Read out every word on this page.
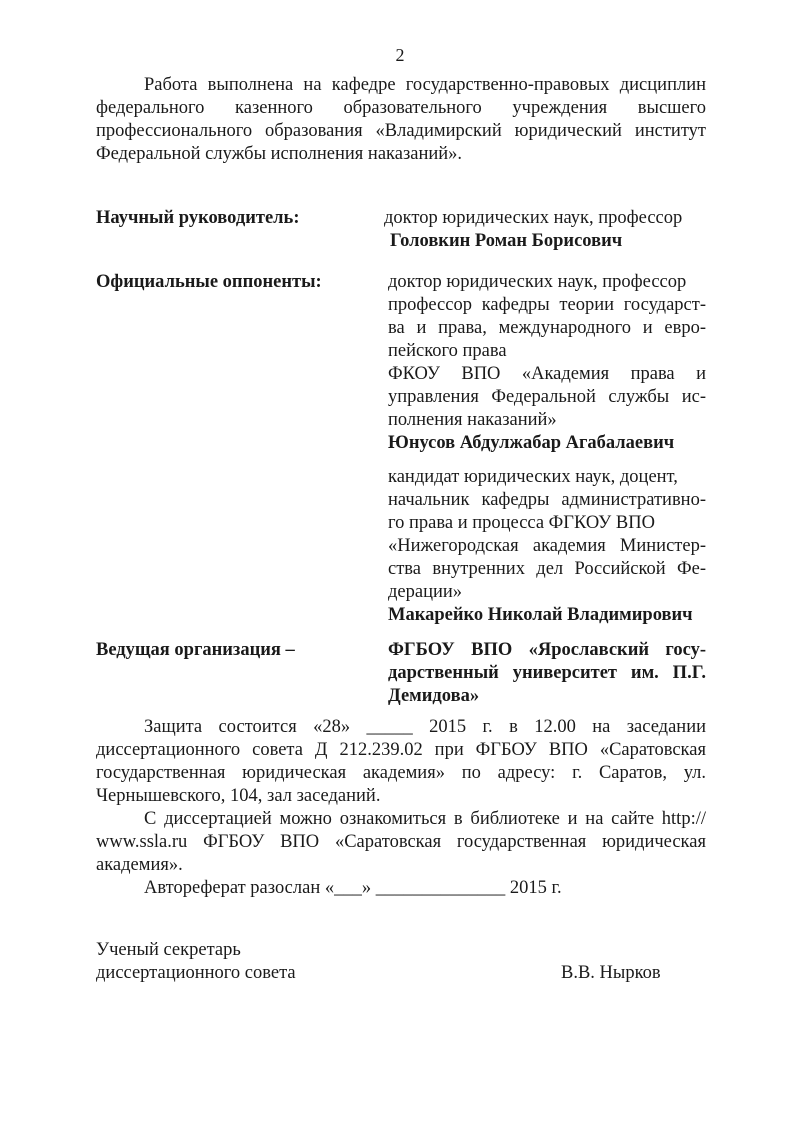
2

Работа выполнена на кафедре государственно-правовых дисциплин федерального казенного образовательного учреждения высшего профессионального образования «Владимирский юридический институт Федеральной службы исполнения наказаний».

Научный руководитель:	доктор юридических наук, профессор
Головкин Роман Борисович
Официальные оппоненты:	доктор юридических наук, профессор
профессор кафедры теории государст-
ва и права, международного и евро-
пейского права
ФКОУ ВПО «Академия права и
управления Федеральной службы ис-
полнения наказаний»
Юнусов Абдулжабар Агабалаевич
кандидат юридических наук, доцент,
начальник кафедры административно-
го права и процесса ФГКОУ ВПО
«Нижегородская академия Министер-
ства внутренних дел Российской Фе-
дерации»
Макарейко Николай Владимирович
Ведущая организация –	ФГБОУ ВПО «Ярославский госу-
дарственный университет им. П.Г.
Демидова»

Защита состоится «28» _____ 2015 г. в 12.00 на заседании диссертационного совета Д 212.239.02 при ФГБОУ ВПО «Саратовская государственная юридическая академия» по адресу: г. Саратов, ул. Чернышевского, 104, зал заседаний.

С диссертацией можно ознакомиться в библиотеке и на сайте http:// www.ssla.ru ФГБОУ ВПО «Саратовская государственная юридическая академия».

Автореферат разослан «___» ______________ 2015 г.

Ученый секретарь
диссертационного совета	В.В. Нырков
